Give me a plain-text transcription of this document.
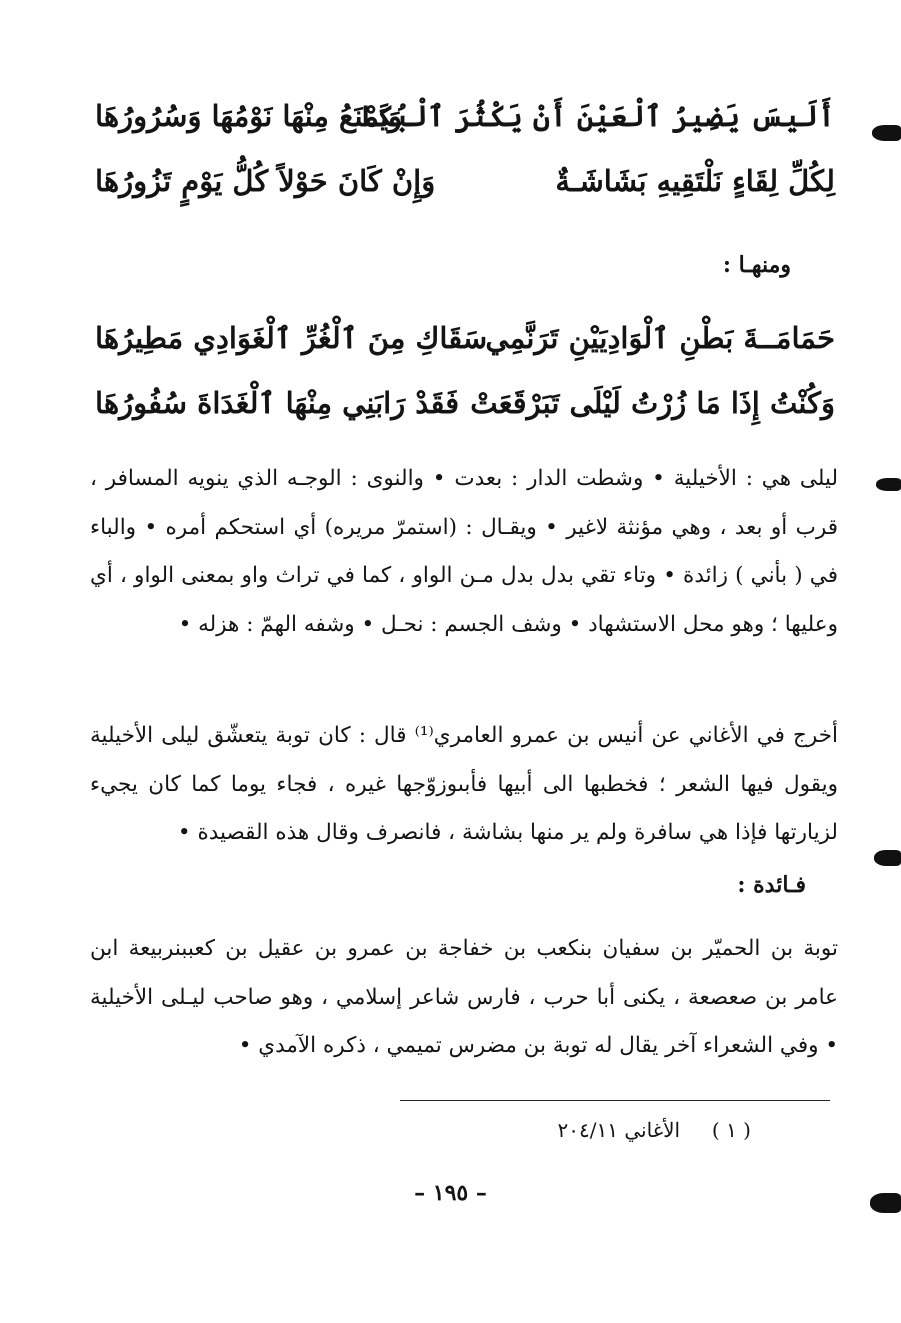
أَلَيسَ يَضِيرُ ٱلْعَيْنَ أَنْ يَكْثُرَ ٱلْبُكَا
وَيَمْنَعُ مِنْهَا نَوْمُهَا وَسُرُورُهَا
لِكُلِّ لِقَاءٍ نَلْتَقِيهِ بَشَاشَـةٌ
وَإِنْ كَانَ حَوْلاً كُلُّ يَوْمٍ تَزُورُهَا
ومنهـا :
حَمَامَــةَ بَطْنِ ٱلْوَادِيَيْنِ تَرَنَّمِي
سَقَاكِ مِنَ ٱلْغُرِّ ٱلْغَوَادِي مَطِيرُهَا
وَكُنْتُ إِذَا مَا زُرْتُ لَيْلَى تَبَرْقَعَتْ
فَقَدْ رَابَنِي مِنْهَا ٱلْغَدَاةَ سُفُورُهَا

ليلى هي : الأخيلية • وشطت الدار : بعدت • والنوى : الوجـه الذي ينويه المسافر ، قرب أو بعد ، وهي مؤنثة لاغير • ويقـال : (استمرّ مريره) أي استحكم أمره • والباء في ( بأني ) زائدة • وتاء تقي بدل بدل مـن الواو ، كما في تراث واو بمعنى الواو ، أي وعليها ؛ وهو محل الاستشهاد • وشف الجسم : نحـل • وشفه الهمّ : هزله •

أخرج في الأغاني عن أنيس بن عمرو العامري⁽¹⁾ قال : كان توبة يتعشّق ليلى الأخيلية ويقول فيها الشعر ؛ فخطبها الى أبيها فأبىوزوّجها غيره ، فجاء يوما كما كان يجيء لزيارتها فإذا هي سافرة ولم ير منها بشاشة ، فانصرف وقال هذه القصيدة •

فـائدة :

توبة بن الحميّر بن سفيان بنكعب بن خفاجة بن عمرو بن عقيل بن كعببنربيعة ابن عامر بن صعصعة ، يكنى أبا حرب ، فارس شاعر إسلامي ، وهو صاحب ليـلى الأخيلية • وفي الشعراء آخر يقال له توبة بن مضرس تميمي ، ذكره الآمدي •

( ١ )     الأغاني ٢٠٤/١١
– ١٩٥ –
